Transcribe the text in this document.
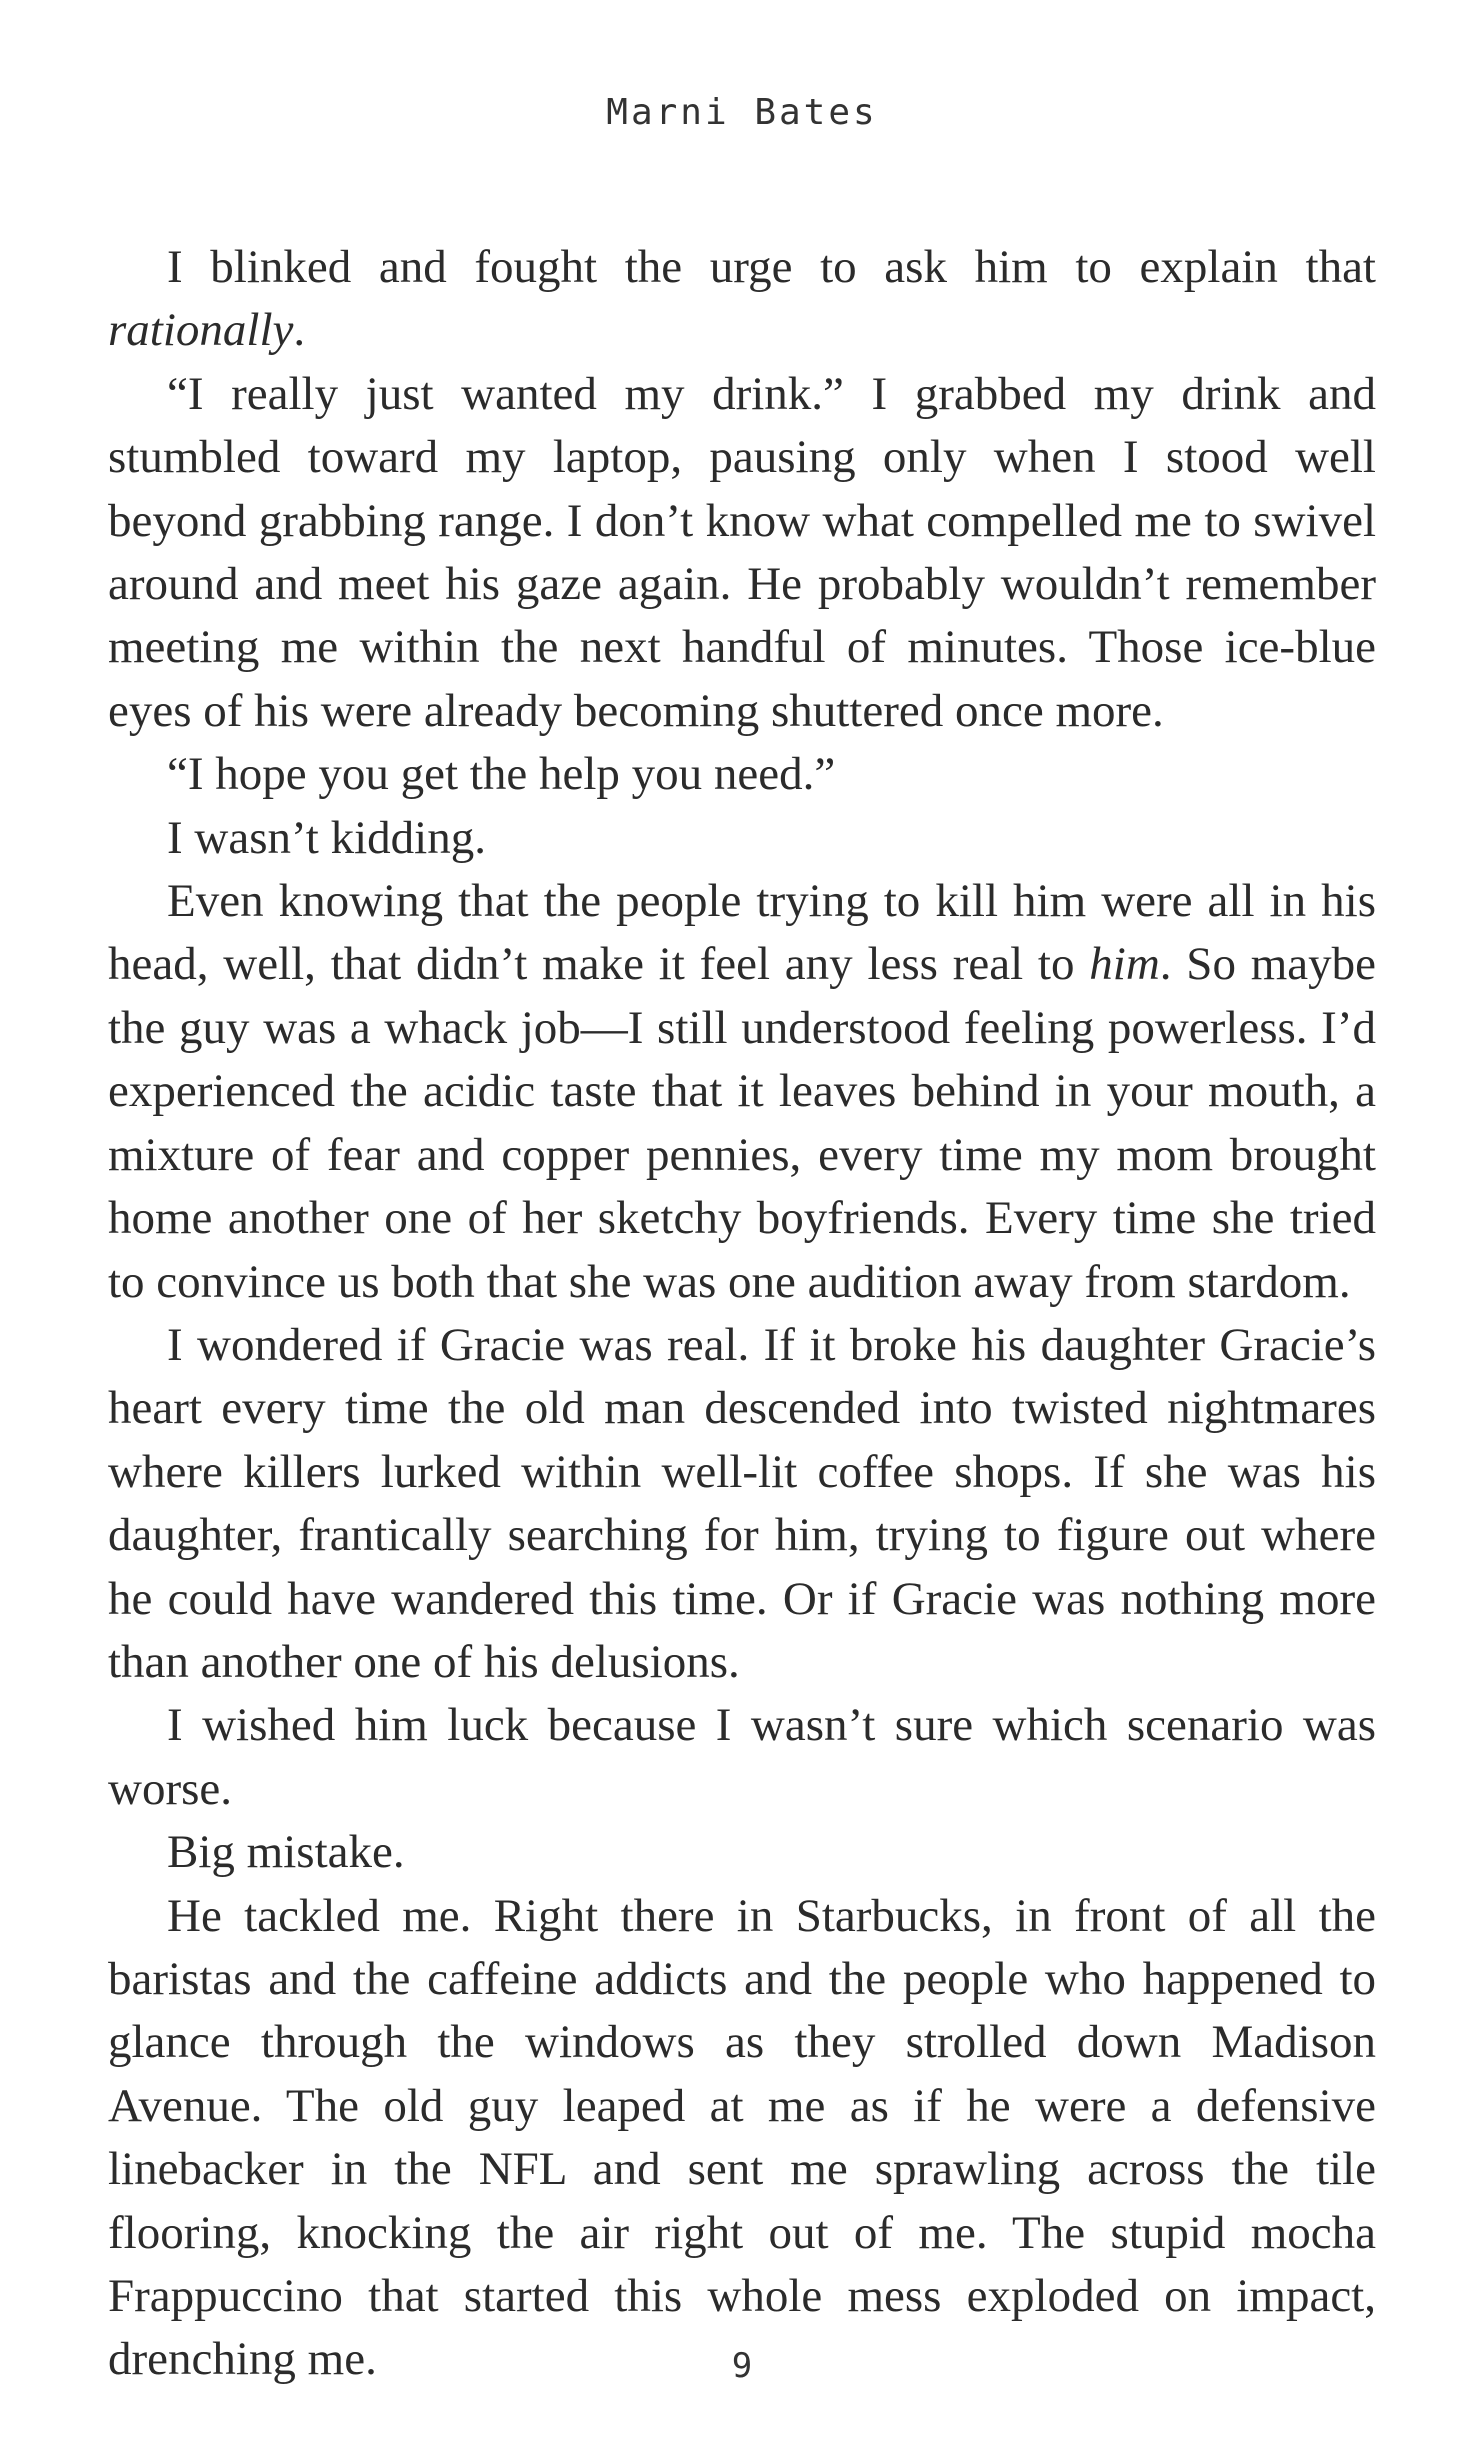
Marni Bates

I blinked and fought the urge to ask him to explain that rationally.

“I really just wanted my drink.” I grabbed my drink and stumbled toward my laptop, pausing only when I stood well beyond grabbing range. I don’t know what compelled me to swivel around and meet his gaze again. He probably wouldn’t remember meeting me within the next handful of minutes. Those ice-blue eyes of his were already becoming shuttered once more.

“I hope you get the help you need.”

I wasn’t kidding.

Even knowing that the people trying to kill him were all in his head, well, that didn’t make it feel any less real to him. So maybe the guy was a whack job—I still understood feeling powerless. I’d experienced the acidic taste that it leaves behind in your mouth, a mixture of fear and copper pennies, every time my mom brought home another one of her sketchy boyfriends. Every time she tried to convince us both that she was one audition away from stardom.

I wondered if Gracie was real. If it broke his daughter Gracie’s heart every time the old man descended into twisted nightmares where killers lurked within well-lit coffee shops. If she was his daughter, frantically searching for him, trying to figure out where he could have wandered this time. Or if Gracie was nothing more than another one of his delusions.

I wished him luck because I wasn’t sure which scenario was worse.

Big mistake.

He tackled me. Right there in Starbucks, in front of all the baristas and the caffeine addicts and the people who happened to glance through the windows as they strolled down Madison Avenue. The old guy leaped at me as if he were a defensive linebacker in the NFL and sent me sprawling across the tile flooring, knocking the air right out of me. The stupid mocha Frappuccino that started this whole mess exploded on impact, drenching me.	9
